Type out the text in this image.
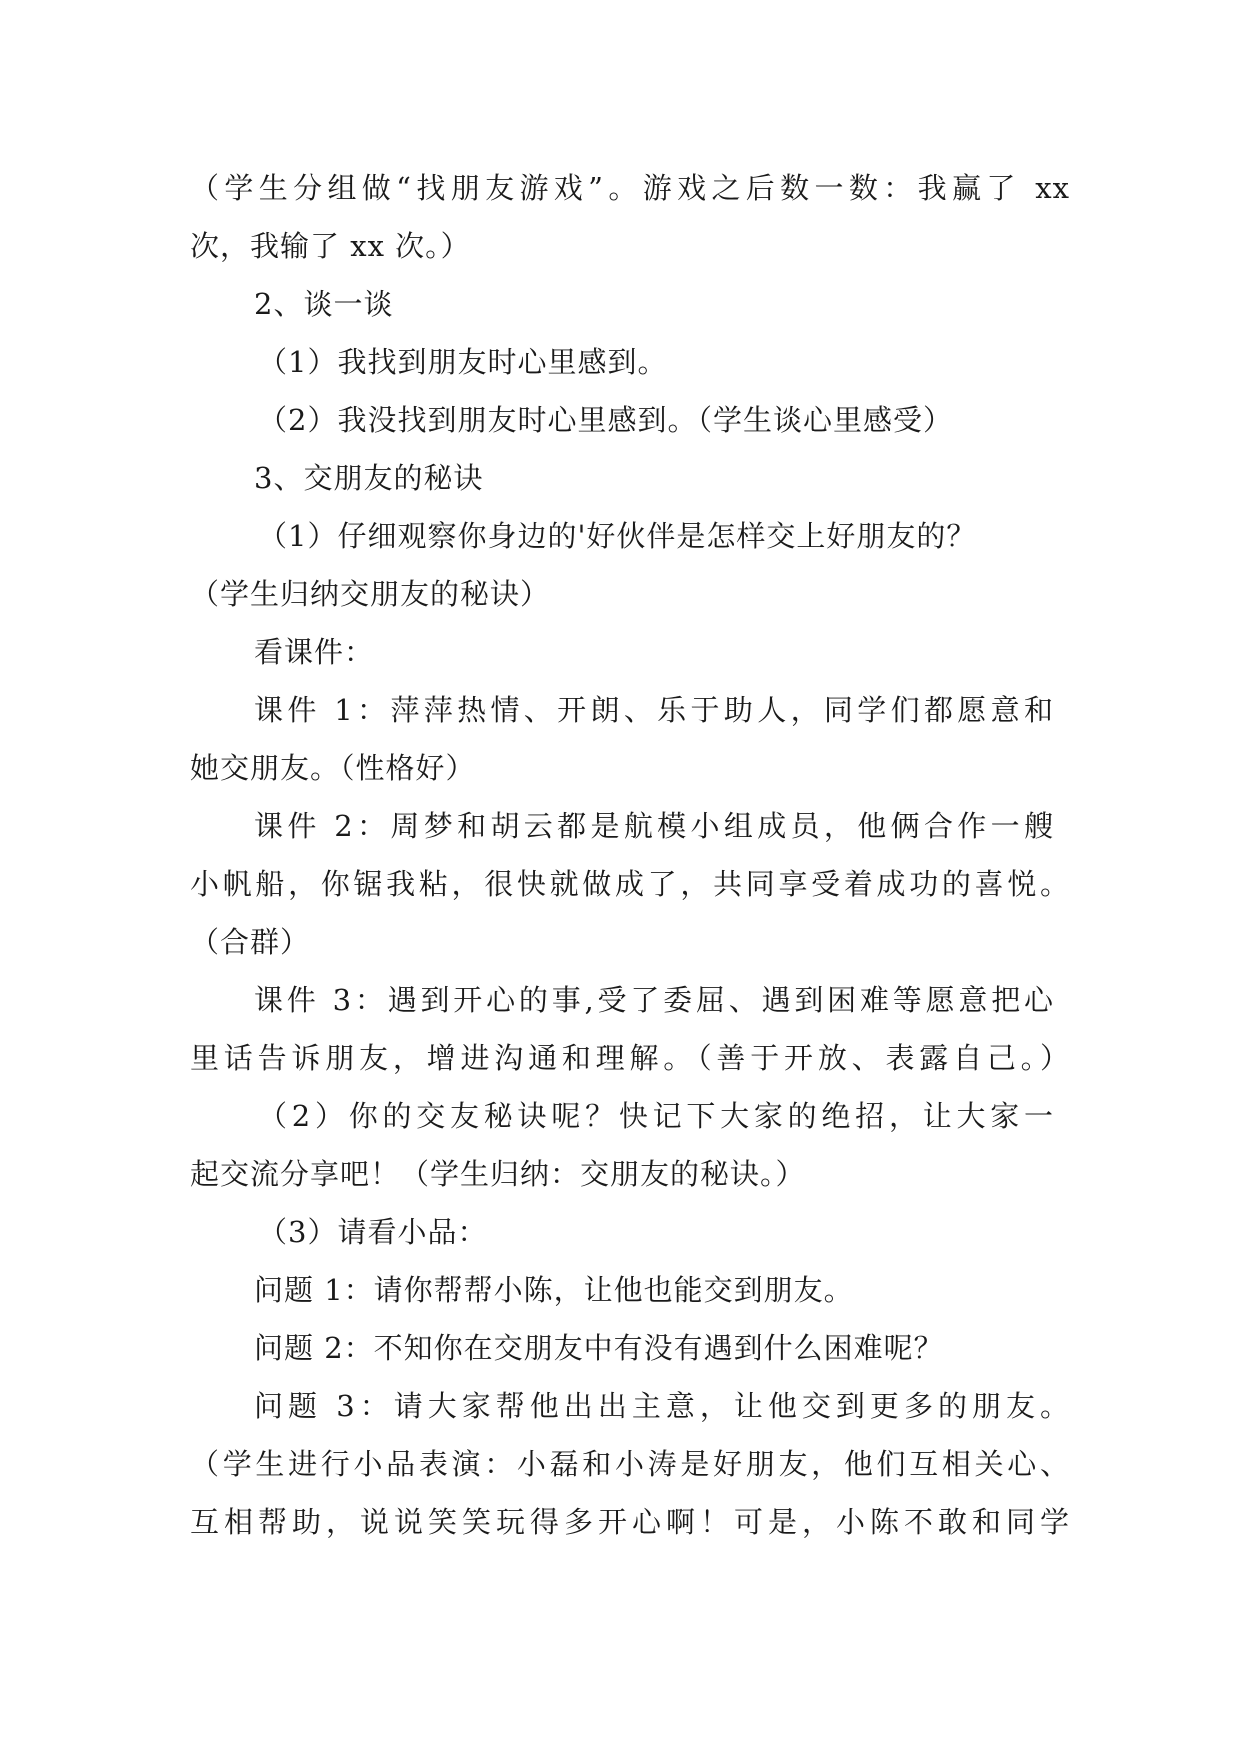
（学生分组做“找朋友游戏”。游戏之后数一数：我赢了 xx
次，我输了 xx 次。）
2、谈一谈
（1）我找到朋友时心里感到。
（2）我没找到朋友时心里感到。（学生谈心里感受）
3、交朋友的秘诀
（1）仔细观察你身边的'好伙伴是怎样交上好朋友的？
（学生归纳交朋友的秘诀）
看课件：
课件 1：萍萍热情、开朗、乐于助人，同学们都愿意和
她交朋友。（性格好）
课件 2：周梦和胡云都是航模小组成员，他俩合作一艘
小帆船，你锯我粘，很快就做成了，共同享受着成功的喜悦。
（合群）
课件 3：遇到开心的事,受了委屈、遇到困难等愿意把心
里话告诉朋友，增进沟通和理解。（善于开放、表露自己。）
（2）你的交友秘诀呢？快记下大家的绝招，让大家一
起交流分享吧！（学生归纳：交朋友的秘诀。）
（3）请看小品：
问题 1：请你帮帮小陈，让他也能交到朋友。
问题 2：不知你在交朋友中有没有遇到什么困难呢？
问题 3：请大家帮他出出主意，让他交到更多的朋友。
（学生进行小品表演：小磊和小涛是好朋友，他们互相关心、
互相帮助，说说笑笑玩得多开心啊！可是，小陈不敢和同学
